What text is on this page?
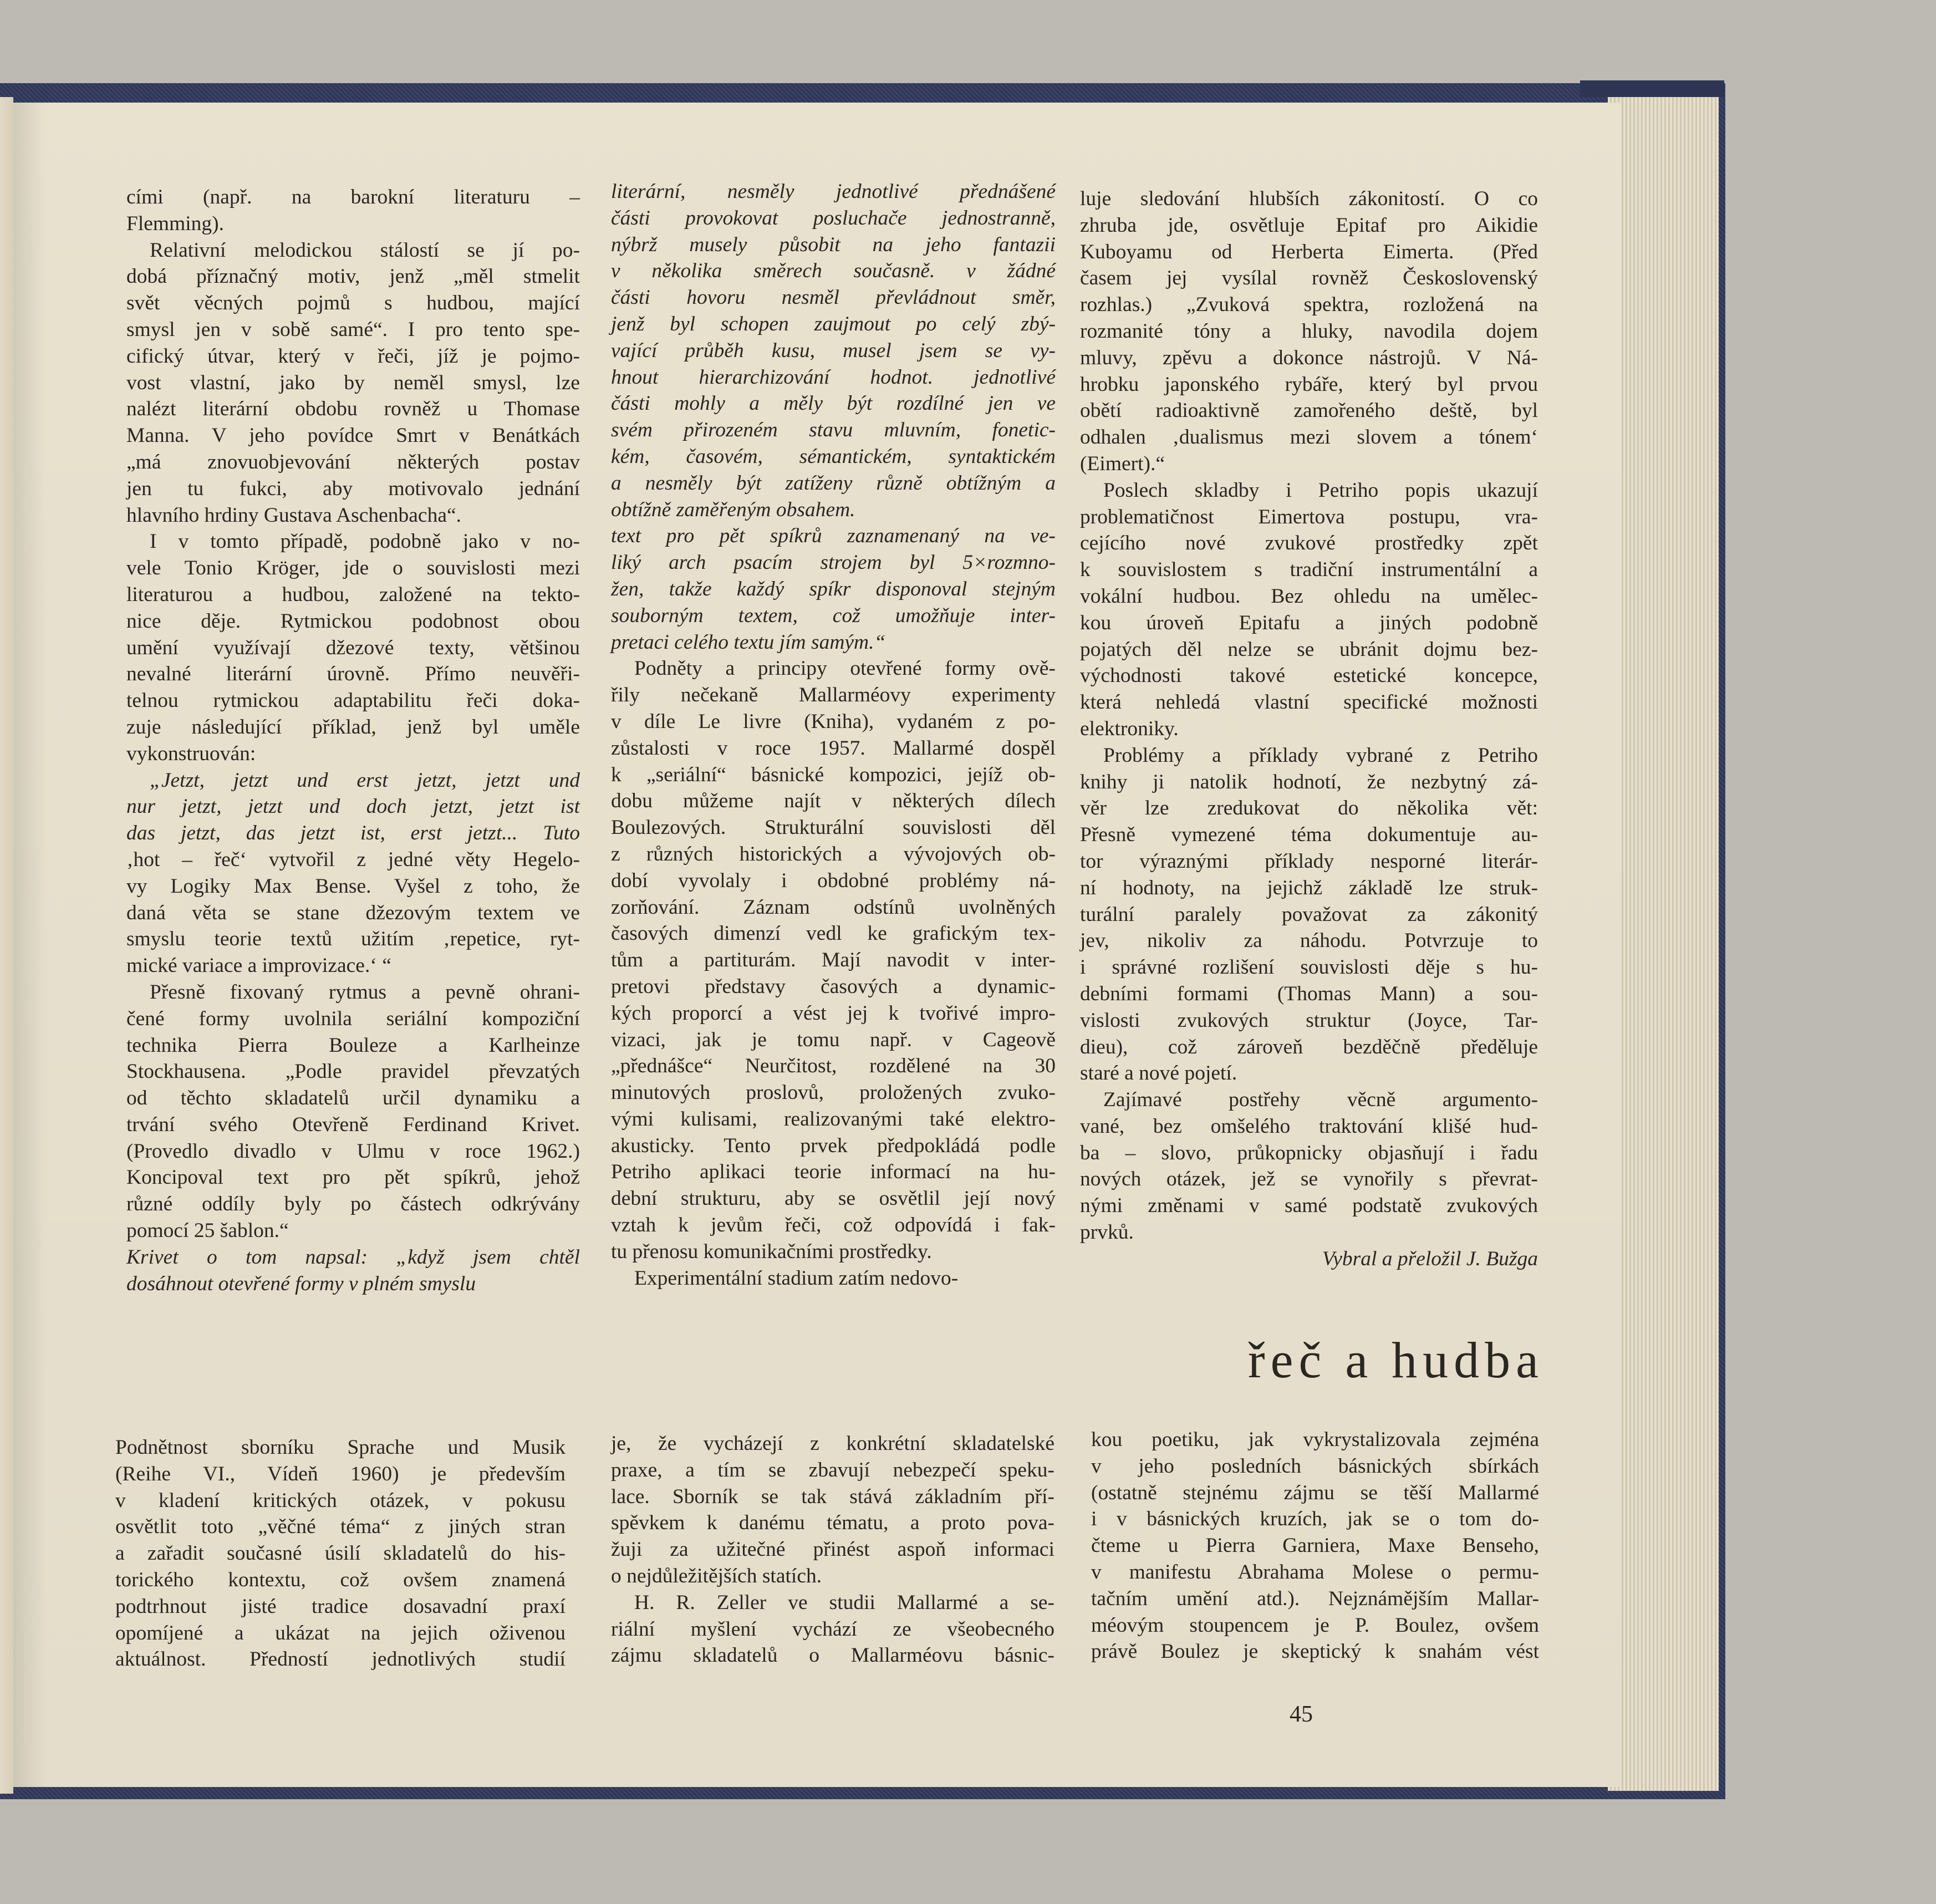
cími (např. na barokní literaturu –

Flemming).

Relativní melodickou stálostí se jí po-

dobá příznačný motiv, jenž „měl stmelit

svět věcných pojmů s hudbou, mající

smysl jen v sobě samé“. I pro tento spe-

cifický útvar, který v řeči, jíž je pojmo-

vost vlastní, jako by neměl smysl, lze

nalézt literární obdobu rovněž u Thomase

Manna. V jeho povídce Smrt v Benátkách

„má znovuobjevování některých postav

jen tu fukci, aby motivovalo jednání

hlavního hrdiny Gustava Aschenbacha“.

I v tomto případě, podobně jako v no-

vele Tonio Kröger, jde o souvislosti mezi

literaturou a hudbou, založené na tekto-

nice děje. Rytmickou podobnost obou

umění využívají džezové texty, většinou

nevalné literární úrovně. Přímo neuvěři-

telnou rytmickou adaptabilitu řeči doka-

zuje následující příklad, jenž byl uměle

vykonstruován:

„Jetzt, jetzt und erst jetzt, jetzt und

nur jetzt, jetzt und doch jetzt, jetzt ist

das jetzt, das jetzt ist, erst jetzt... Tuto

‚hot – řeč‘ vytvořil z jedné věty Hegelo-

vy Logiky Max Bense. Vyšel z toho, že

daná věta se stane džezovým textem ve

smyslu teorie textů užitím ‚repetice, ryt-

mické variace a improvizace.‘ “

Přesně fixovaný rytmus a pevně ohrani-

čené formy uvolnila seriální kompoziční

technika Pierra Bouleze a Karlheinze

Stockhausena. „Podle pravidel převzatých

od těchto skladatelů určil dynamiku a

trvání svého Otevřeně Ferdinand Krivet.

(Provedlo divadlo v Ulmu v roce 1962.)

Koncipoval text pro pět spíkrů, jehož

různé oddíly byly po částech odkrývány

pomocí 25 šablon.“

Krivet o tom napsal: „když jsem chtěl

dosáhnout otevřené formy v plném smyslu

literární, nesměly jednotlivé přednášené

části provokovat posluchače jednostranně,

nýbrž musely působit na jeho fantazii

v několika směrech současně. v žádné

části hovoru nesměl převládnout směr,

jenž byl schopen zaujmout po celý zbý-

vající průběh kusu, musel jsem se vy-

hnout hierarchizování hodnot. jednotlivé

části mohly a měly být rozdílné jen ve

svém přirozeném stavu mluvním, fonetic-

kém, časovém, sémantickém, syntaktickém

a nesměly být zatíženy různě obtížným a

obtížně zaměřeným obsahem.

text pro pět spíkrů zaznamenaný na ve-

liký arch psacím strojem byl 5×rozmno-

žen, takže každý spíkr disponoval stejným

souborným textem, což umožňuje inter-

pretaci celého textu jím samým.“

Podněty a principy otevřené formy ově-

řily nečekaně Mallarméovy experimenty

v díle Le livre (Kniha), vydaném z po-

zůstalosti v roce 1957. Mallarmé dospěl

k „seriální“ básnické kompozici, jejíž ob-

dobu můžeme najít v některých dílech

Boulezových. Strukturální souvislosti děl

z různých historických a vývojových ob-

dobí vyvolaly i obdobné problémy ná-

zorňování. Záznam odstínů uvolněných

časových dimenzí vedl ke grafickým tex-

tům a partiturám. Mají navodit v inter-

pretovi představy časových a dynamic-

kých proporcí a vést jej k tvořivé impro-

vizaci, jak je tomu např. v Cageově

„přednášce“ Neurčitost, rozdělené na 30

minutových proslovů, proložených zvuko-

vými kulisami, realizovanými také elektro-

akusticky. Tento prvek předpokládá podle

Petriho aplikaci teorie informací na hu-

dební strukturu, aby se osvětlil její nový

vztah k jevům řeči, což odpovídá i fak-

tu přenosu komunikačními prostředky.

Experimentální stadium zatím nedovo-

luje sledování hlubších zákonitostí. O co

zhruba jde, osvětluje Epitaf pro Aikidie

Kuboyamu od Herberta Eimerta. (Před

časem jej vysílal rovněž Československý

rozhlas.) „Zvuková spektra, rozložená na

rozmanité tóny a hluky, navodila dojem

mluvy, zpěvu a dokonce nástrojů. V Ná-

hrobku japonského rybáře, který byl prvou

obětí radioaktivně zamořeného deště, byl

odhalen ‚dualismus mezi slovem a tónem‘

(Eimert).“

Poslech skladby i Petriho popis ukazují

problematičnost Eimertova postupu, vra-

cejícího nové zvukové prostředky zpět

k souvislostem s tradiční instrumentální a

vokální hudbou. Bez ohledu na umělec-

kou úroveň Epitafu a jiných podobně

pojatých děl nelze se ubránit dojmu bez-

východnosti takové estetické koncepce,

která nehledá vlastní specifické možnosti

elektroniky.

Problémy a příklady vybrané z Petriho

knihy ji natolik hodnotí, že nezbytný zá-

věr lze zredukovat do několika vět:

Přesně vymezené téma dokumentuje au-

tor výraznými příklady nesporné literár-

ní hodnoty, na jejichž základě lze struk-

turální paralely považovat za zákonitý

jev, nikoliv za náhodu. Potvrzuje to

i správné rozlišení souvislosti děje s hu-

debními formami (Thomas Mann) a sou-

vislosti zvukových struktur (Joyce, Tar-

dieu), což zároveň bezděčně předěluje

staré a nové pojetí.

Zajímavé postřehy věcně argumento-

vané, bez omšelého traktování klišé hud-

ba – slovo, průkopnicky objasňují i řadu

nových otázek, jež se vynořily s převrat-

nými změnami v samé podstatě zvukových

prvků.

Vybral a přeložil J. Bužga

řeč a hudba

Podnětnost sborníku Sprache und Musik

(Reihe VI., Vídeň 1960) je především

v kladení kritických otázek, v pokusu

osvětlit toto „věčné téma“ z jiných stran

a zařadit současné úsilí skladatelů do his-

torického kontextu, což ovšem znamená

podtrhnout jisté tradice dosavadní praxí

opomíjené a ukázat na jejich oživenou

aktuálnost. Předností jednotlivých studií

je, že vycházejí z konkrétní skladatelské

praxe, a tím se zbavují nebezpečí speku-

lace. Sborník se tak stává základním pří-

spěvkem k danému tématu, a proto pova-

žuji za užitečné přinést aspoň informaci

o nejdůležitějších statích.

H. R. Zeller ve studii Mallarmé a se-

riální myšlení vychází ze všeobecného

zájmu skladatelů o Mallarméovu básnic-

kou poetiku, jak vykrystalizovala zejména

v jeho posledních básnických sbírkách

(ostatně stejnému zájmu se těší Mallarmé

i v básnických kruzích, jak se o tom do-

čteme u Pierra Garniera, Maxe Benseho,

v manifestu Abrahama Molese o permu-

tačním umění atd.). Nejznámějším Mallar-

méovým stoupencem je P. Boulez, ovšem

právě Boulez je skeptický k snahám vést

45
